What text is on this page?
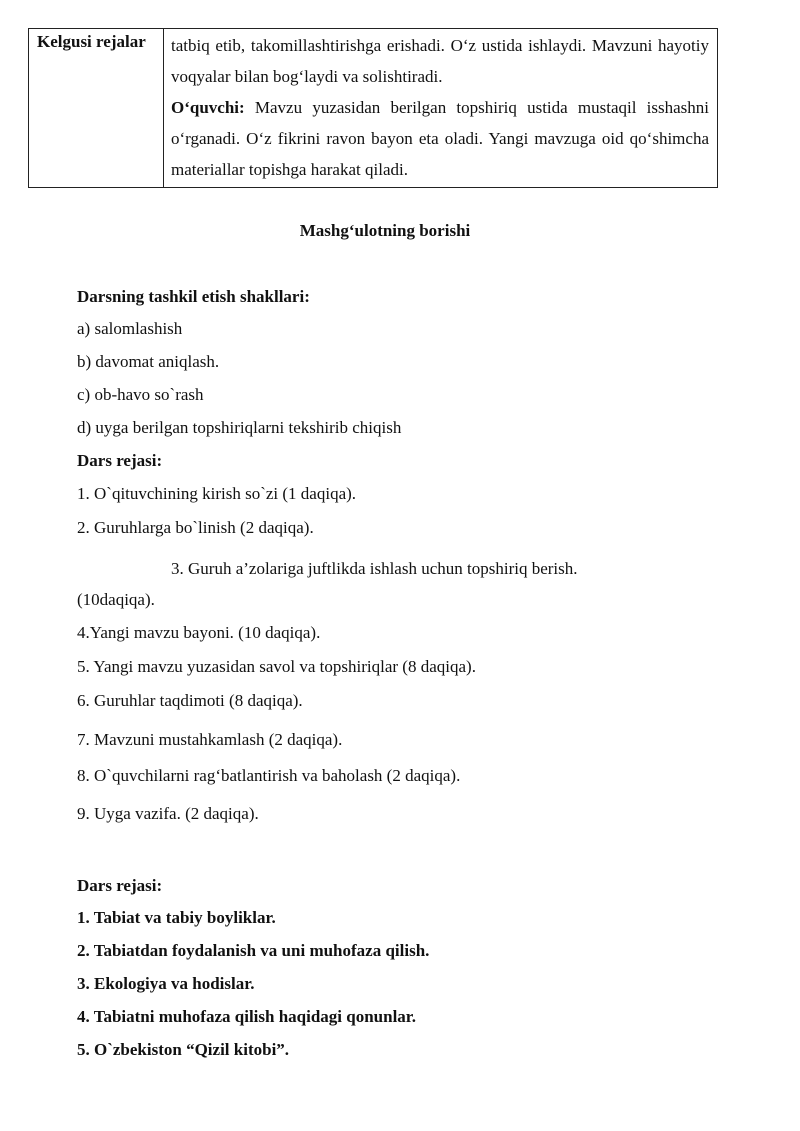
Kelgusi rejalar tatbiq etib, takomillashtirishga erishadi. O‘z ustida ishlaydi. Mavzuni hayotiy voqyalar bilan bog‘laydi va solishtiradi.

O‘quvchi: Mavzu yuzasidan berilgan topshiriq ustida mustaqil isshashni o‘rganadi. O‘z fikrini ravon bayon eta oladi. Yangi mavzuga oid qo‘shimcha materiallar topishga harakat qiladi.

Mashg‘ulotning borishi
Darsning tashkil etish shakllari:
a) salomlashish
b) davomat aniqlash.
c) ob-havo so`rash
d) uyga berilgan topshiriqlarni tekshirib chiqish
Dars rejasi:
1. O`qituvchining kirish so`zi (1 daqiqa).
2. Guruhlarga bo`linish (2 daqiqa).
3. Guruh a’zolariga juftlikda ishlash uchun topshiriq berish.
(10daqiqa).
4.Yangi mavzu bayoni. (10 daqiqa).
5. Yangi mavzu yuzasidan savol va topshiriqlar (8 daqiqa).
6. Guruhlar taqdimoti (8 daqiqa).
7. Mavzuni mustahkamlash (2 daqiqa).
8. O`quvchilarni rag‘batlantirish va baholash (2 daqiqa).
9. Uyga vazifa. (2 daqiqa).
Dars rejasi:
1. Tabiat va tabiy boyliklar.
2. Tabiatdan foydalanish va uni muhofaza qilish.
3. Ekologiya va hodislar.
4. Tabiatni muhofaza qilish haqidagi qonunlar.
5. O`zbekiston “Qizil kitobi”.
